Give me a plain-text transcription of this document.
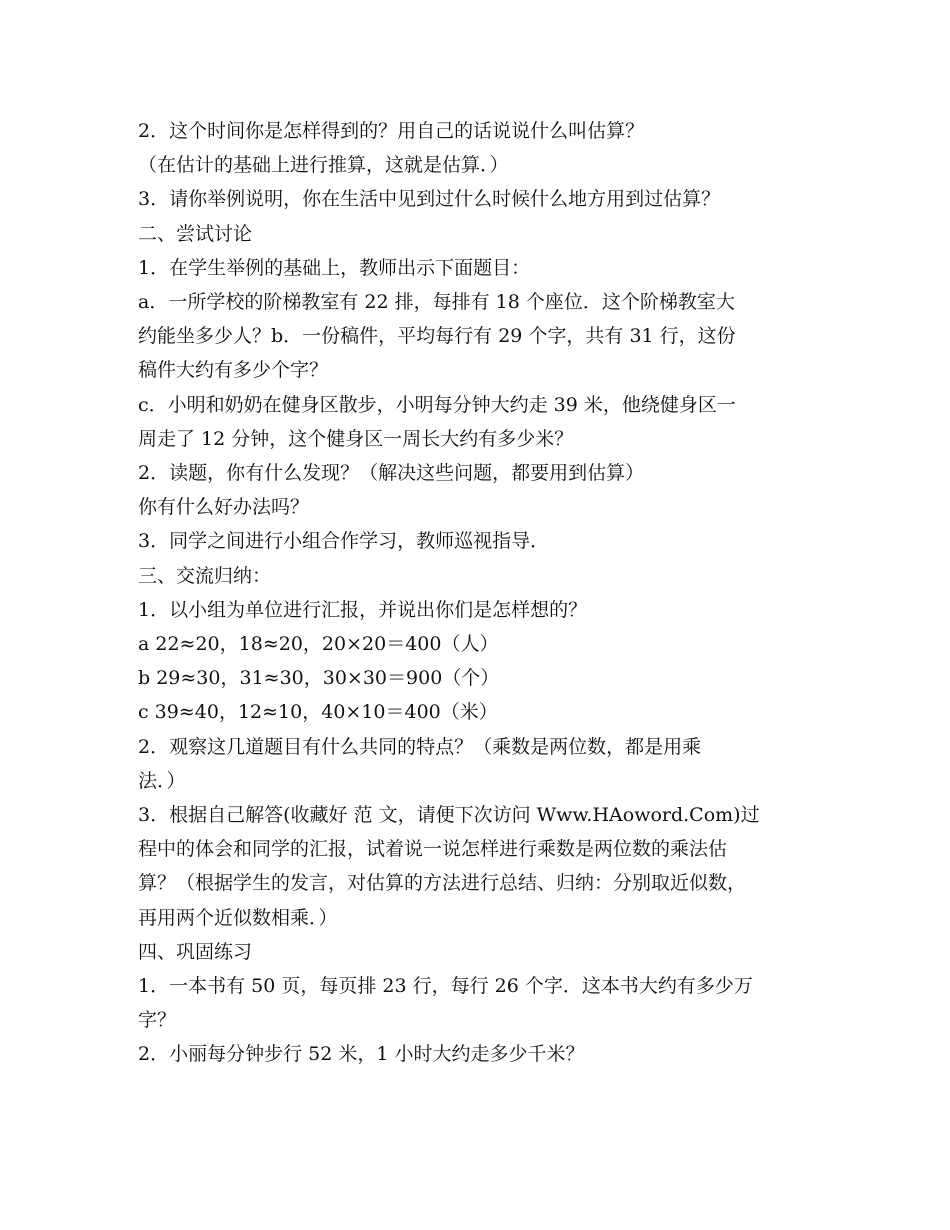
2．这个时间你是怎样得到的？用自己的话说说什么叫估算？
（在估计的基础上进行推算，这就是估算．）
3．请你举例说明，你在生活中见到过什么时候什么地方用到过估算？
二、尝试讨论
1．在学生举例的基础上，教师出示下面题目：
a．一所学校的阶梯教室有 22 排，每排有 18 个座位．这个阶梯教室大
约能坐多少人？b．一份稿件，平均每行有 29 个字，共有 31 行，这份
稿件大约有多少个字？
c．小明和奶奶在健身区散步，小明每分钟大约走 39 米，他绕健身区一
周走了 12 分钟，这个健身区一周长大约有多少米？
2．读题，你有什么发现？（解决这些问题，都要用到估算）
你有什么好办法吗？
3．同学之间进行小组合作学习，教师巡视指导．
三、交流归纳：
1．以小组为单位进行汇报，并说出你们是怎样想的？
a 22≈20，18≈20，20×20＝400（人）
b 29≈30，31≈30，30×30＝900（个）
c 39≈40，12≈10，40×10＝400（米）
2．观察这几道题目有什么共同的特点？（乘数是两位数，都是用乘
法．）
3．根据自己解答(收藏好 范 文，请便下次访问 Www.HAoword.Com)过
程中的体会和同学的汇报，试着说一说怎样进行乘数是两位数的乘法估
算？（根据学生的发言，对估算的方法进行总结、归纳：分别取近似数，
再用两个近似数相乘．）
四、巩固练习
1．一本书有 50 页，每页排 23 行，每行 26 个字．这本书大约有多少万
字？
2．小丽每分钟步行 52 米，1 小时大约走多少千米？
